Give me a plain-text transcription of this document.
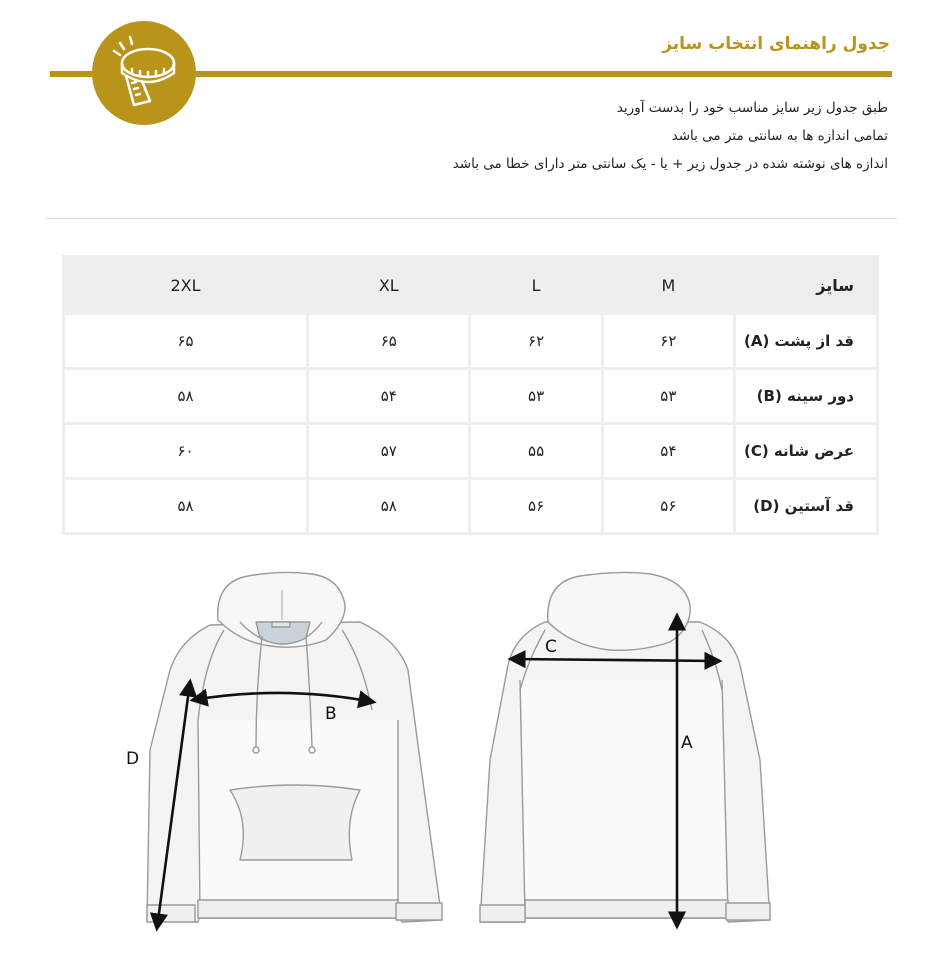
جدول راهنمای انتخاب سایز
طبق جدول زیر سایز مناسب خود را بدست آورید
تمامی اندازه ها به سانتی متر می باشد
اندازه های نوشته شده در جدول زیر + یا - یک سانتی متر دارای خطا می باشد
سایز	M	L	XL	2XL
قد از پشت (A)	۶۲	۶۲	۶۵	۶۵
دور سینه (B)	۵۳	۵۳	۵۴	۵۸
عرض شانه (C)	۵۴	۵۵	۵۷	۶۰
قد آستین (D)	۵۶	۵۶	۵۸	۵۸
D
B
C
A
